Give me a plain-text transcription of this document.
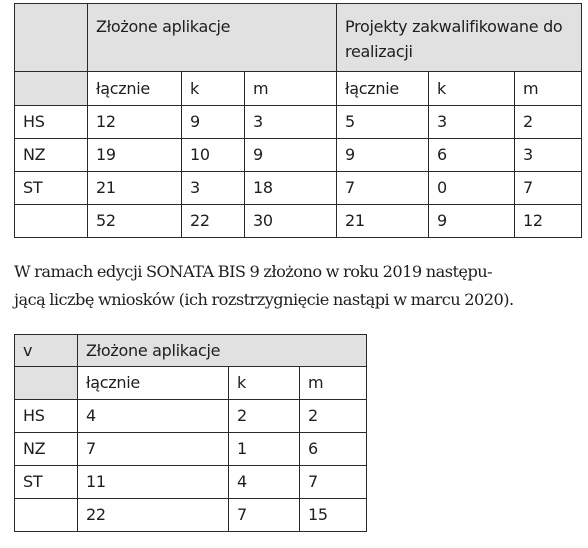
	Złożone aplikacje			Projekty zakwalifikowane do realizacji		
	łącznie	k	m	łącznie	k	m
HS	12	9	3	5	3	2
NZ	19	10	9	9	6	3
ST	21	3	18	7	0	7
	52	22	30	21	9	12

W ramach edycji SONATA BIS 9 złożono w roku 2019 następu-
jącą liczbę wniosków (ich rozstrzygnięcie nastąpi w marcu 2020).

v	Złożone aplikacje		
	łącznie	k	m
HS	4	2	2
NZ	7	1	6
ST	11	4	7
	22	7	15
